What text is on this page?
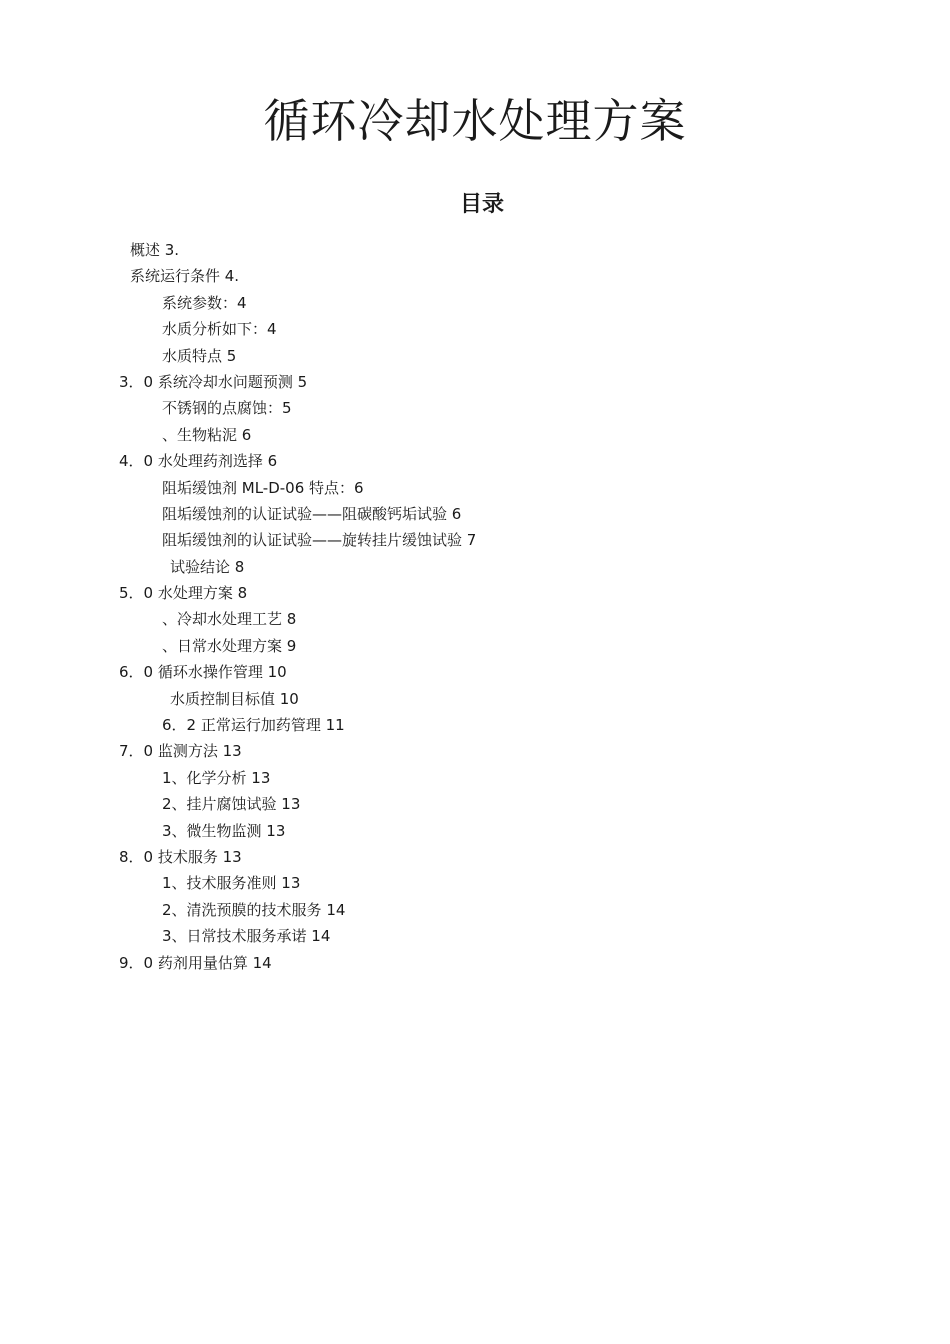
循环冷却水处理方案
目录
概述 3.
系统运行条件 4.
系统参数：4
水质分析如下：4
水质特点 5
3．0 系统冷却水问题预测 5
不锈钢的点腐蚀：5
、生物粘泥 6
4．0 水处理药剂选择 6
阻垢缓蚀剂 ML-D-06 特点：6
阻垢缓蚀剂的认证试验——阻碳酸钙垢试验 6
阻垢缓蚀剂的认证试验——旋转挂片缓蚀试验 7
试验结论 8
5．0 水处理方案 8
、冷却水处理工艺 8
、日常水处理方案 9
6．0 循环水操作管理 10
水质控制目标值 10
6．2 正常运行加药管理 11
7．0 监测方法 13
1、化学分析 13
2、挂片腐蚀试验 13
3、微生物监测 13
8．0 技术服务 13
1、技术服务准则 13
2、清洗预膜的技术服务 14
3、日常技术服务承诺 14
9．0 药剂用量估算 14
